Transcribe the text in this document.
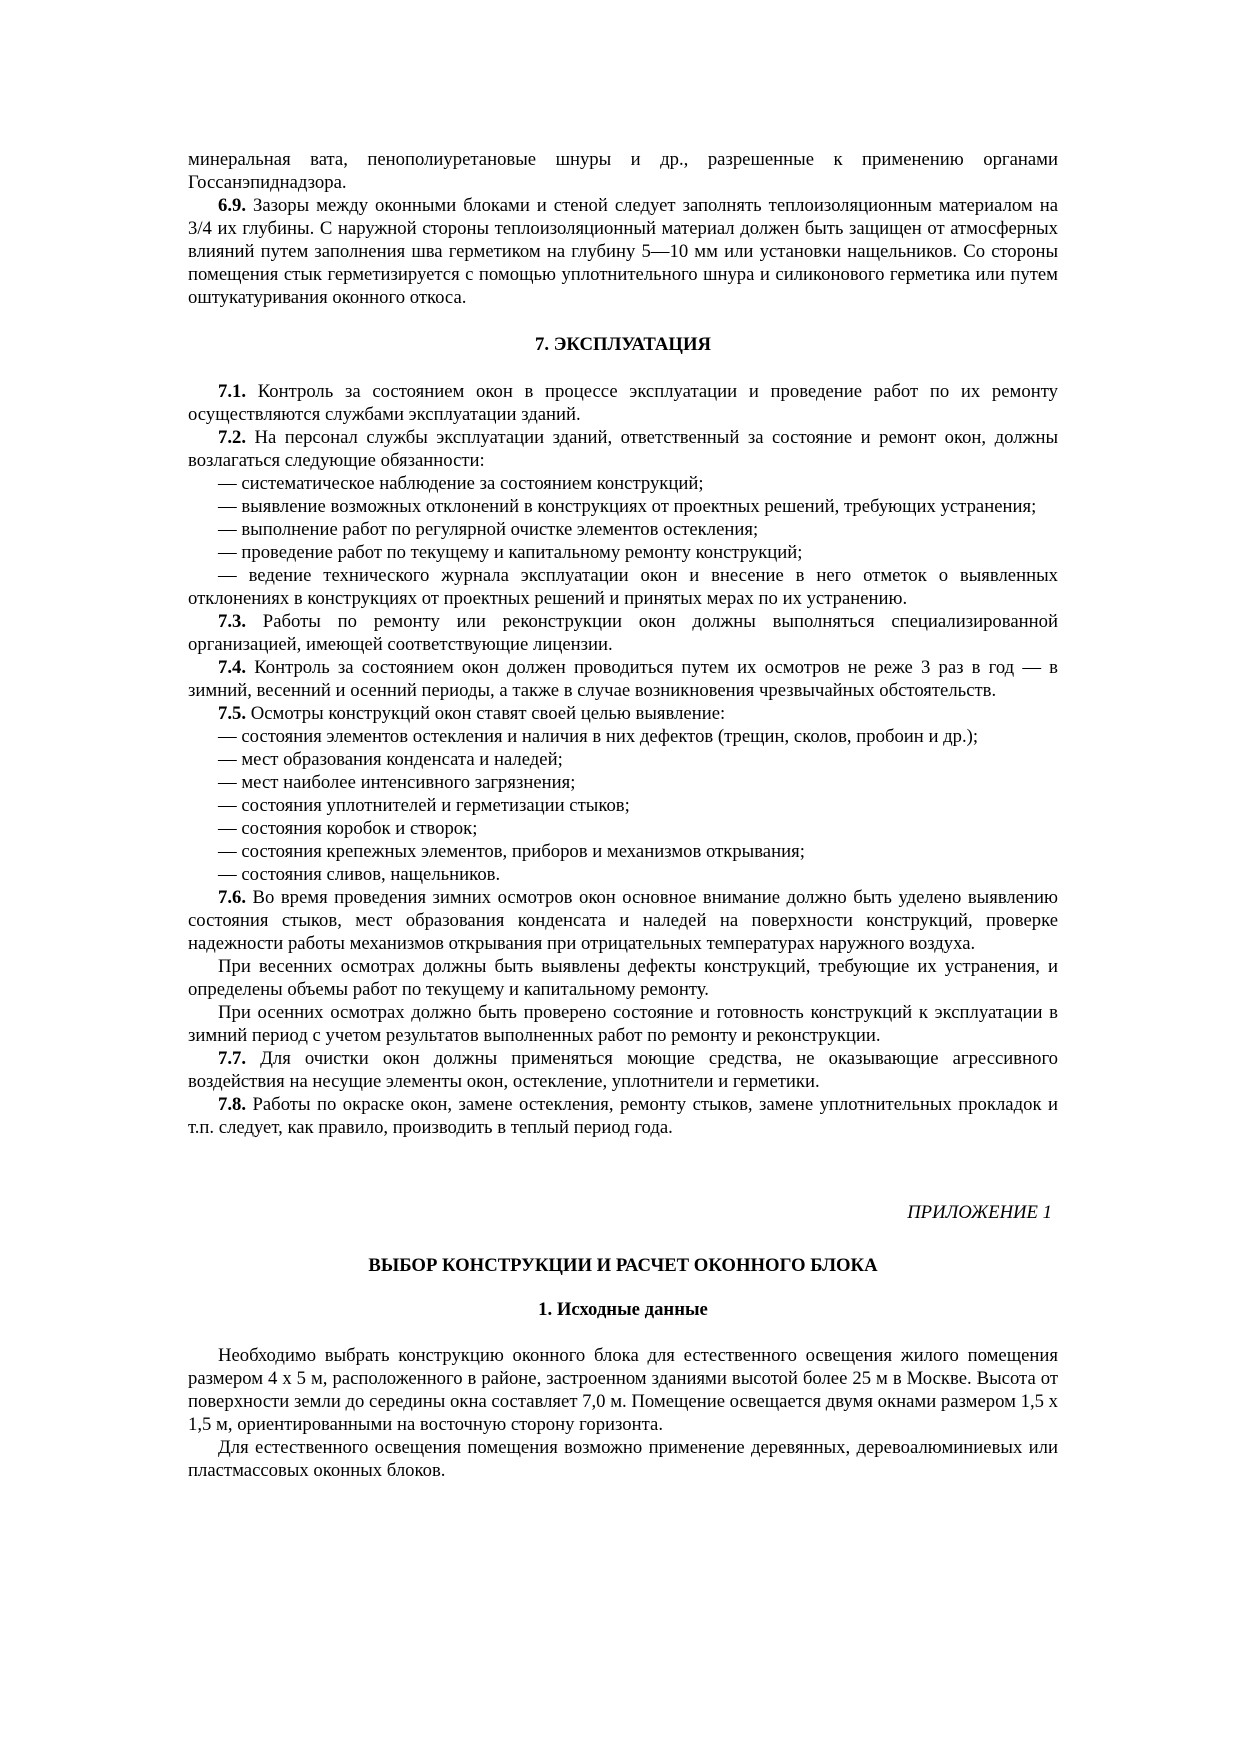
минеральная вата, пенополиуретановые шнуры и др., разрешенные к применению органами Госсанэпиднадзора.

6.9. Зазоры между оконными блоками и стеной следует заполнять теплоизоляционным материалом на 3/4 их глубины. С наружной стороны теплоизоляционный материал должен быть защищен от атмосферных влияний путем заполнения шва герметиком на глубину 5—10 мм или установки нащельников. Со стороны помещения стык герметизируется с помощью уплотнительного шнура и силиконового герметика или путем оштукатуривания оконного откоса.

7. ЭКСПЛУАТАЦИЯ

7.1. Контроль за состоянием окон в процессе эксплуатации и проведение работ по их ремонту осуществляются службами эксплуатации зданий.

7.2. На персонал службы эксплуатации зданий, ответственный за состояние и ремонт окон, должны возлагаться следующие обязанности:

— систематическое наблюдение за состоянием конструкций;

— выявление возможных отклонений в конструкциях от проектных решений, требующих устранения;

— выполнение работ по регулярной очистке элементов остекления;

— проведение работ по текущему и капитальному ремонту конструкций;

— ведение технического журнала эксплуатации окон и внесение в него отметок о выявленных отклонениях в конструкциях от проектных решений и принятых мерах по их устранению.

7.3. Работы по ремонту или реконструкции окон должны выполняться специализированной организацией, имеющей соответствующие лицензии.

7.4. Контроль за состоянием окон должен проводиться путем их осмотров не реже 3 раз в год — в зимний, весенний и осенний периоды, а также в случае возникновения чрезвычайных обстоятельств.

7.5. Осмотры конструкций окон ставят своей целью выявление:

— состояния элементов остекления и наличия в них дефектов (трещин, сколов, пробоин и др.);

— мест образования конденсата и наледей;

— мест наиболее интенсивного загрязнения;

— состояния уплотнителей и герметизации стыков;

— состояния коробок и створок;

— состояния крепежных элементов, приборов и механизмов открывания;

— состояния сливов, нащельников.

7.6. Во время проведения зимних осмотров окон основное внимание должно быть уделено выявлению состояния стыков, мест образования конденсата и наледей на поверхности конструкций, проверке надежности работы механизмов открывания при отрицательных температурах наружного воздуха.

При весенних осмотрах должны быть выявлены дефекты конструкций, требующие их устранения, и определены объемы работ по текущему и капитальному ремонту.

При осенних осмотрах должно быть проверено состояние и готовность конструкций к эксплуатации в зимний период с учетом результатов выполненных работ по ремонту и реконструкции.

7.7. Для очистки окон должны применяться моющие средства, не оказывающие агрессивного воздействия на несущие элементы окон, остекление, уплотнители и герметики.

7.8. Работы по окраске окон, замене остекления, ремонту стыков, замене уплотнительных прокладок и т.п. следует, как правило, производить в теплый период года.

ПРИЛОЖЕНИЕ 1

ВЫБОР КОНСТРУКЦИИ И РАСЧЕТ ОКОННОГО БЛОКА
1. Исходные данные

Необходимо выбрать конструкцию оконного блока для естественного освещения жилого помещения размером 4 x 5 м, расположенного в районе, застроенном зданиями высотой более 25 м в Москве. Высота от поверхности земли до середины окна составляет 7,0 м. Помещение освещается двумя окнами размером 1,5 x 1,5 м, ориентированными на восточную сторону горизонта.

Для естественного освещения помещения возможно применение деревянных, деревоалюминиевых или пластмассовых оконных блоков.
